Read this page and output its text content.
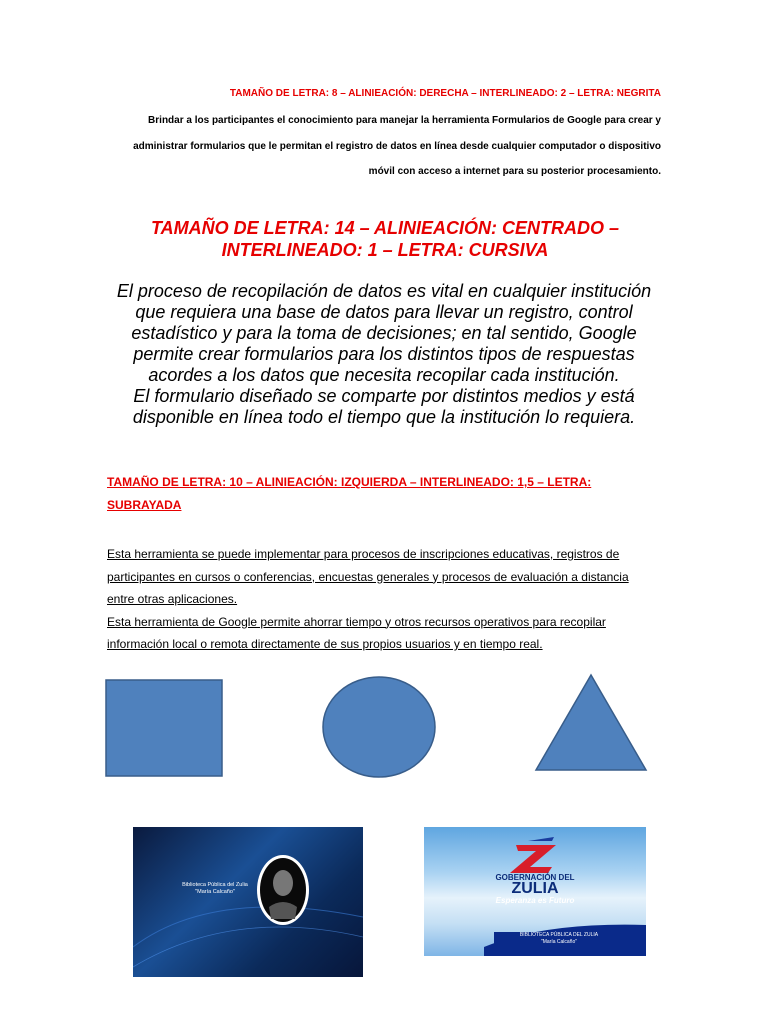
TAMAÑO DE LETRA: 8 – ALINIEACIÓN: DERECHA – INTERLINEADO: 2 – LETRA: NEGRITA
Brindar a los participantes el conocimiento para manejar la herramienta Formularios de Google para crear y
administrar formularios que le permitan el registro de datos en línea desde cualquier computador o dispositivo
móvil con acceso a internet para su posterior procesamiento.
TAMAÑO DE LETRA: 14 – ALINIEACIÓN: CENTRADO –
INTERLINEADO: 1 – LETRA: CURSIVA
El proceso de recopilación de datos es vital en cualquier institución
que requiera una base de datos para llevar un registro, control
estadístico y para la toma de decisiones; en tal sentido, Google
permite crear formularios para los distintos tipos de respuestas
acordes a los datos que necesita recopilar cada institución.
El formulario diseñado se comparte por distintos medios y está
disponible en línea todo el tiempo que la institución lo requiera.
TAMAÑO DE LETRA: 10 – ALINIEACIÓN: IZQUIERDA – INTERLINEADO: 1,5 – LETRA:
SUBRAYADA
Esta herramienta se puede implementar para procesos de inscripciones educativas, registros de
participantes en cursos o conferencias, encuestas generales y procesos de evaluación a distancia
entre otras aplicaciones.
Esta herramienta de Google permite ahorrar tiempo y otros recursos operativos para recopilar
información local o remota directamente de sus propios usuarios y en tiempo real.
Biblioteca Pública del Zulia
"María Calcaño"
GOBERNACIÓN DEL
ZULIA
Esperanza es Futuro
BIBLIOTECA PÚBLICA DEL ZULIA
"María Calcaño"
